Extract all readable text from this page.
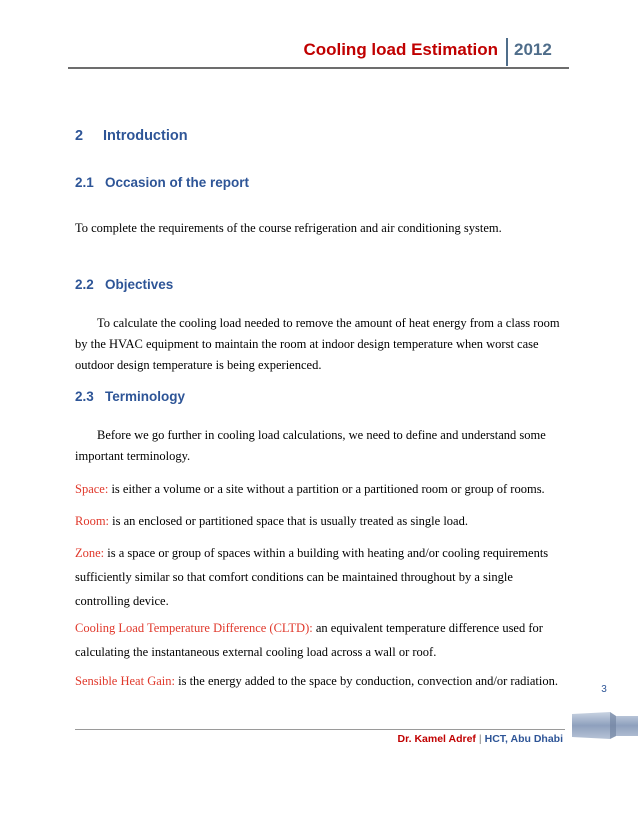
Cooling load Estimation 2012
2 Introduction
2.1 Occasion of the report
To complete the requirements of the course refrigeration and air conditioning system.
2.2 Objectives
To calculate the cooling load needed to remove the amount of heat energy from a class room
by the HVAC equipment to maintain the room at indoor design temperature when worst case
outdoor design temperature is being experienced.
2.3 Terminology
Before we go further in cooling load calculations, we need to define and understand some
important terminology.
Space: is either a volume or a site without a partition or a partitioned room or group of rooms.
Room: is an enclosed or partitioned space that is usually treated as single load.
Zone: is a space or group of spaces within a building with heating and/or cooling requirements
sufficiently similar so that comfort conditions can be maintained throughout by a single
controlling device.
Cooling Load Temperature Difference (CLTD): an equivalent temperature difference used for
calculating the instantaneous external cooling load across a wall or roof.
Sensible Heat Gain: is the energy added to the space by conduction, convection and/or radiation.
3
Dr. Kamel Adref | HCT, Abu Dhabi
